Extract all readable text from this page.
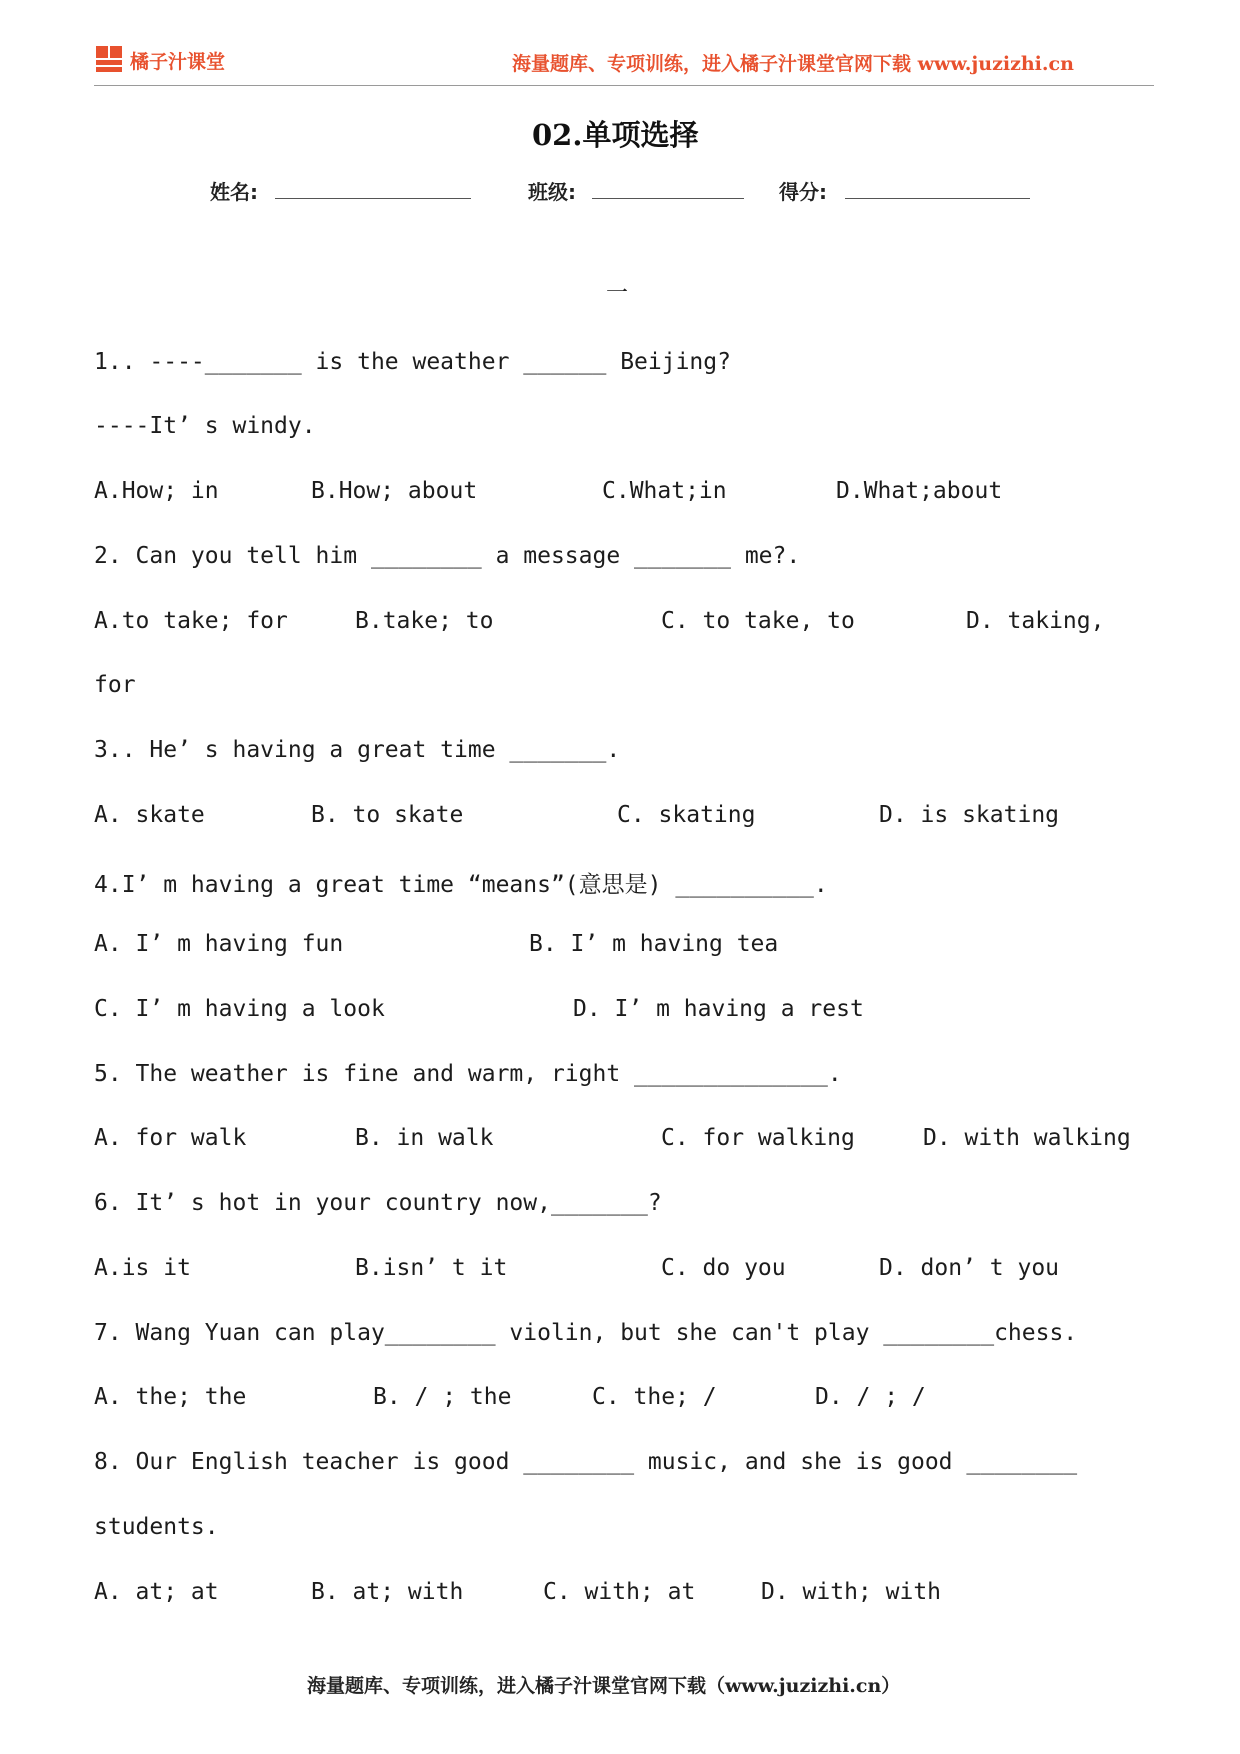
橘子汁课堂	海量题库、专项训练，进入橘子汁课堂官网下载 www.juzizhi.cn
02.单项选择
姓名:	班级:	得分:
一
1.. ----_______ is the weather ______ Beijing?
----It’ s windy.
A.How; in	B.How; about	C.What;in	D.What;about
2. Can you tell him ________ a message _______ me?.
A.to take; for	B.take; to	C. to take, to	D. taking,
for
3.. He’ s having a great time _______.
A. skate	B. to skate	C. skating	D. is skating
4.I’ m having a great time “means”(意思是) __________.
A. I’ m having fun	B. I’ m having tea
C. I’ m having a look	D. I’ m having a rest
5. The weather is fine and warm, right ______________.
A. for walk	B. in walk	C. for walking	D. with walking
6. It’ s hot in your country now,_______?
A.is it	B.isn’ t it	C. do you	D. don’ t you
7. Wang Yuan can play________ violin, but she can't play ________chess.
A. the; the	B. / ; the	C. the; /	D. / ; /
8. Our English teacher is good ________ music, and she is good ________
students.
A. at; at	B. at; with	C. with; at	D. with; with
海量题库、专项训练，进入橘子汁课堂官网下载（www.juzizhi.cn）
